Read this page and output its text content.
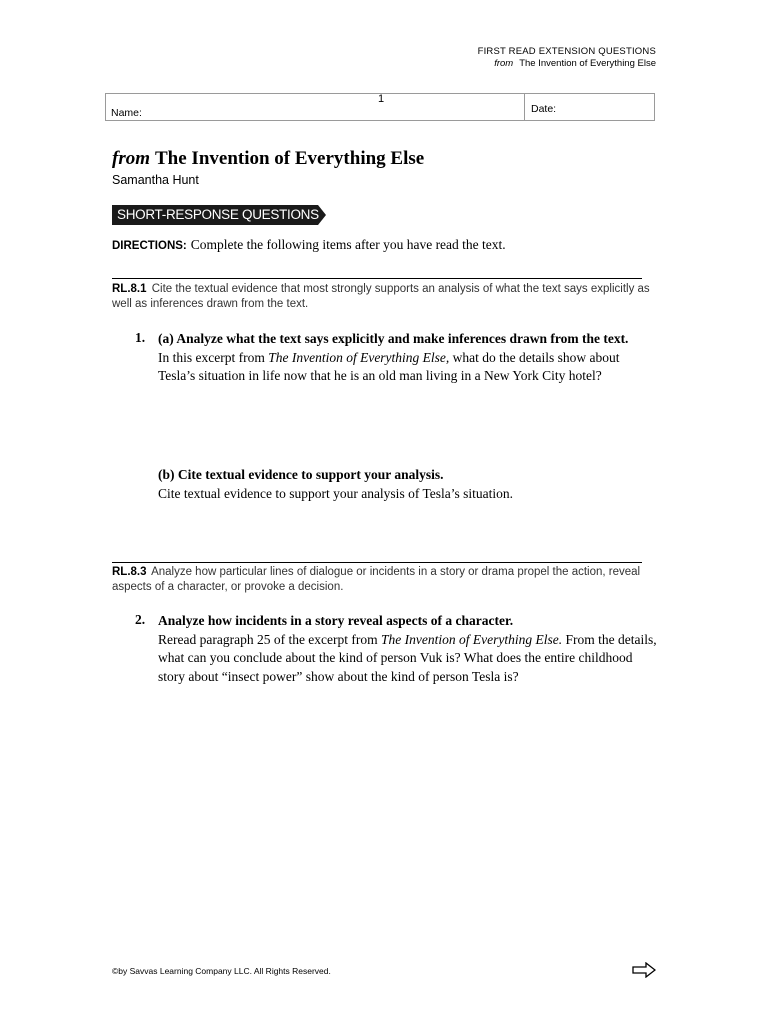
FIRST READ EXTENSION QUESTIONS
from The Invention of Everything Else
Name:
1
Date:
from The Invention of Everything Else
Samantha Hunt
SHORT-RESPONSE QUESTIONS
DIRECTIONS: Complete the following items after you have read the text.
RL.8.1 Cite the textual evidence that most strongly supports an analysis of what the text says explicitly as well as inferences drawn from the text.
1. (a) Analyze what the text says explicitly and make inferences drawn from the text.
In this excerpt from The Invention of Everything Else, what do the details show about Tesla’s situation in life now that he is an old man living in a New York City hotel?
(b) Cite textual evidence to support your analysis.
Cite textual evidence to support your analysis of Tesla’s situation.
RL.8.3 Analyze how particular lines of dialogue or incidents in a story or drama propel the action, reveal aspects of a character, or provoke a decision.
2. Analyze how incidents in a story reveal aspects of a character.
Reread paragraph 25 of the excerpt from The Invention of Everything Else. From the details, what can you conclude about the kind of person Vuk is? What does the entire childhood story about “insect power” show about the kind of person Tesla is?
©by Savvas Learning Company LLC. All Rights Reserved.
